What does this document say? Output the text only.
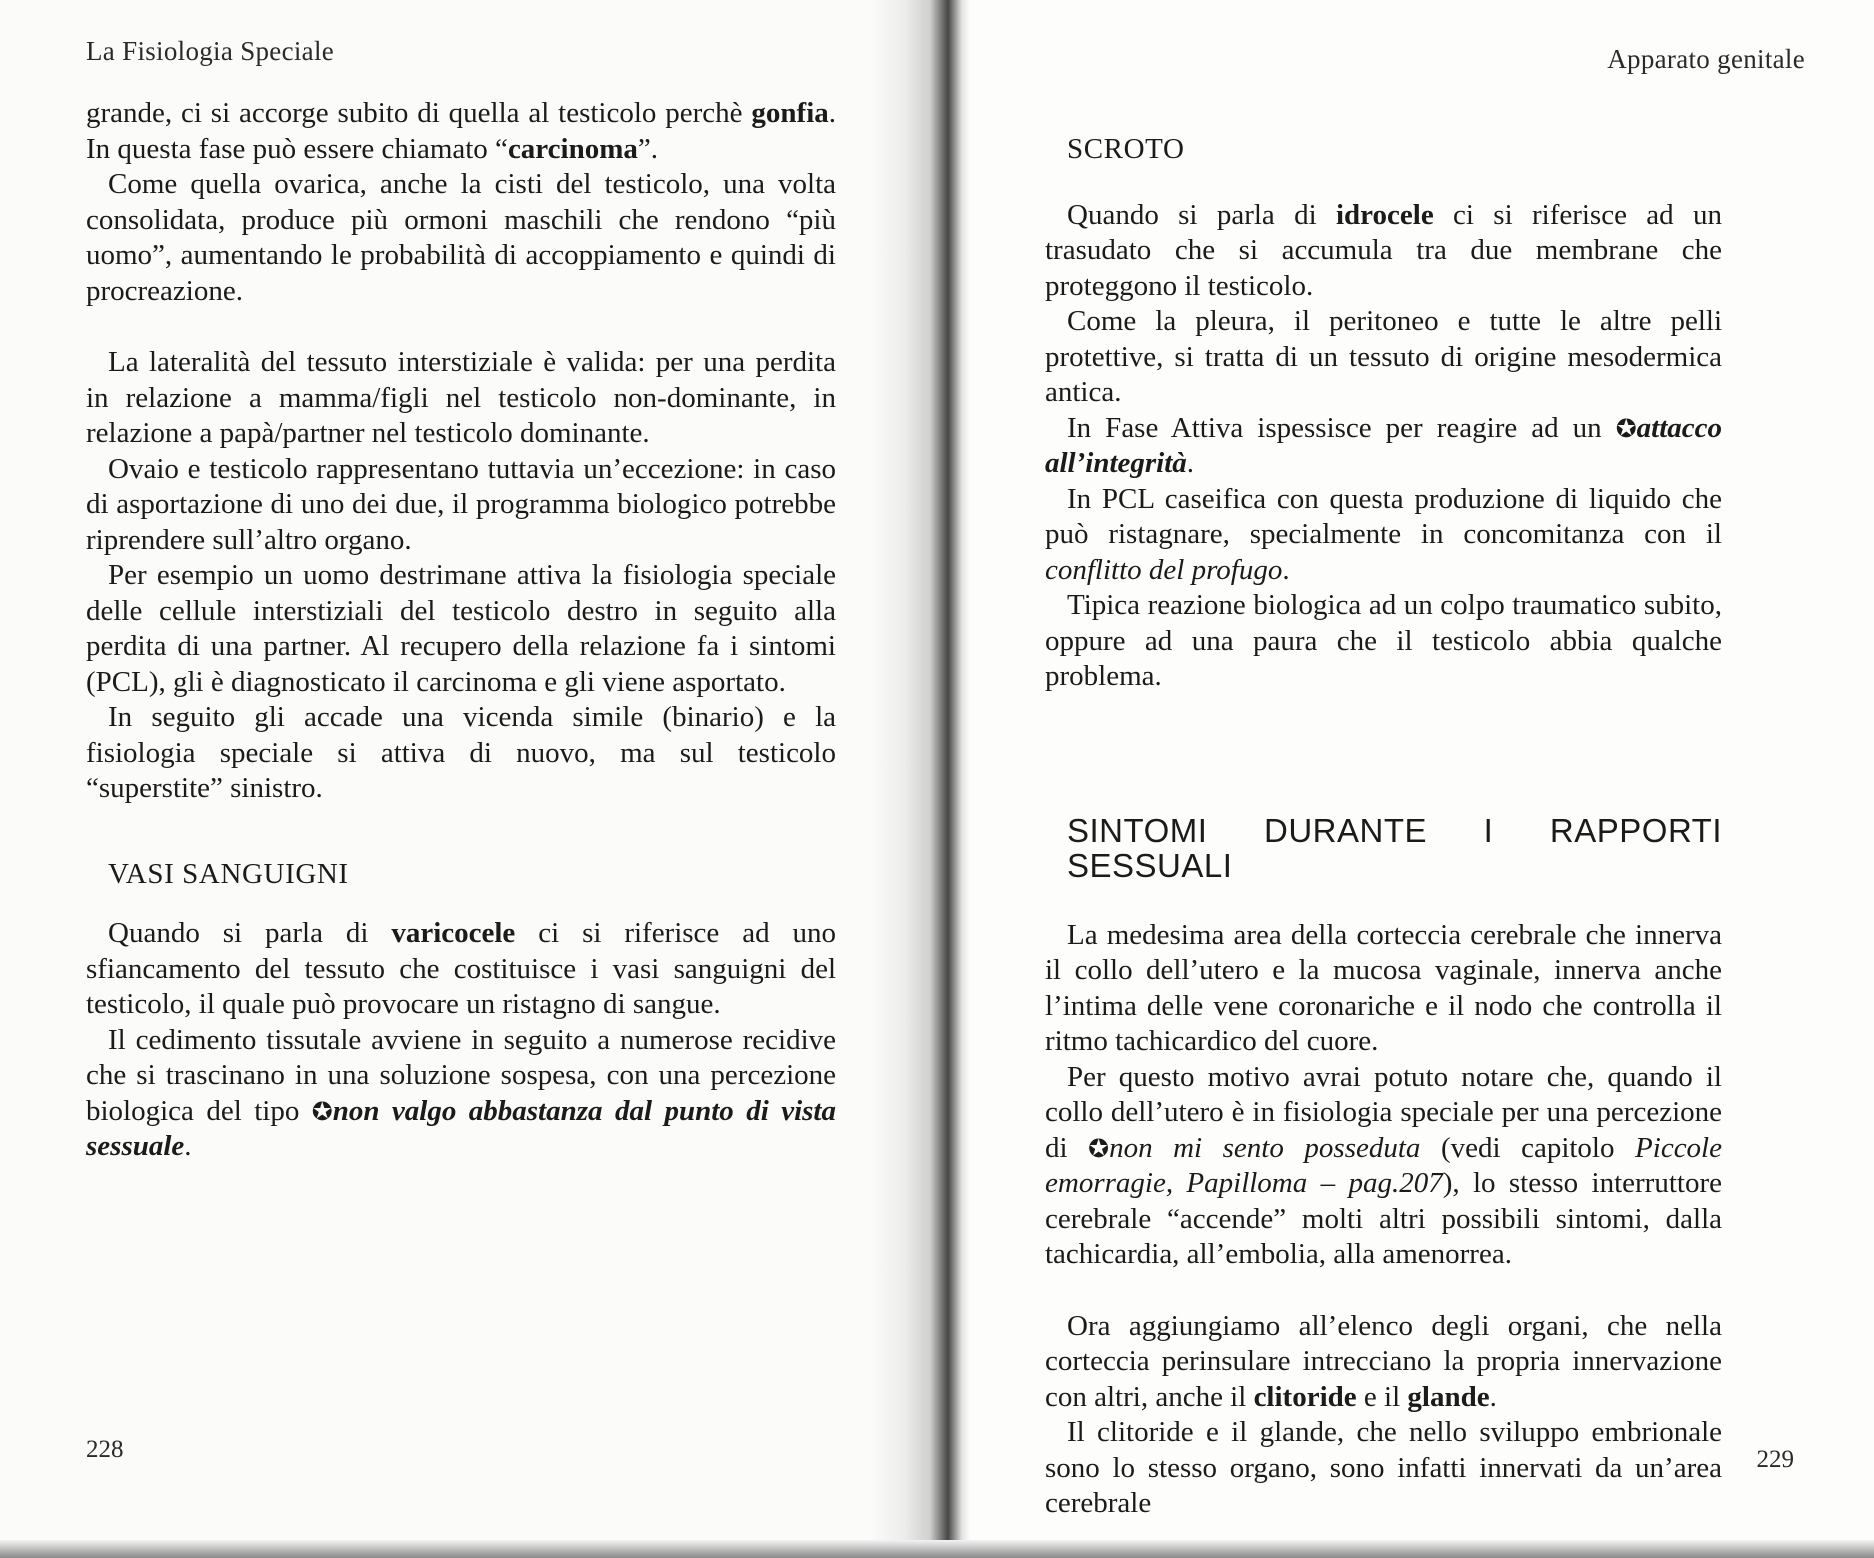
La Fisiologia Speciale

grande, ci si accorge subito di quella al testicolo perchè gonfia. In questa fase può essere chiamato “carcinoma”.

Come quella ovarica, anche la cisti del testicolo, una volta consolidata, produce più ormoni maschili che rendono “più uomo”, aumentando le probabilità di accoppiamento e quindi di procreazione.

La lateralità del tessuto interstiziale è valida: per una perdita in relazione a mamma/figli nel testicolo non-dominante, in relazione a papà/partner nel testicolo dominante.

Ovaio e testicolo rappresentano tuttavia un’eccezione: in caso di asportazione di uno dei due, il programma biologico potrebbe riprendere sull’altro organo.

Per esempio un uomo destrimane attiva la fisiologia speciale delle cellule interstiziali del testicolo destro in seguito alla perdita di una partner. Al recupero della relazione fa i sintomi (PCL), gli è diagnosticato il carcinoma e gli viene asportato.

In seguito gli accade una vicenda simile (binario) e la fisiologia speciale si attiva di nuovo, ma sul testicolo “superstite” sinistro.

VASI SANGUIGNI

Quando si parla di varicocele ci si riferisce ad uno sfiancamento del tessuto che costituisce i vasi sanguigni del testicolo, il quale può provocare un ristagno di sangue.

Il cedimento tissutale avviene in seguito a numerose recidive che si trascinano in una soluzione sospesa, con una percezione biologica del tipo ✪non valgo abbastanza dal punto di vista sessuale.

228
Apparato genitale

SCROTO

Quando si parla di idrocele ci si riferisce ad un trasudato che si accumula tra due membrane che proteggono il testicolo.

Come la pleura, il peritoneo e tutte le altre pelli protettive, si tratta di un tessuto di origine mesodermica antica.

In Fase Attiva ispessisce per reagire ad un ✪attacco all’integrità.

In PCL caseifica con questa produzione di liquido che può ristagnare, specialmente in concomitanza con il conflitto del profugo.

Tipica reazione biologica ad un colpo traumatico subito, oppure ad una paura che il testicolo abbia qualche problema.

SINTOMI DURANTE I RAPPORTI SESSUALI

La medesima area della corteccia cerebrale che innerva il collo dell’utero e la mucosa vaginale, innerva anche l’intima delle vene coronariche e il nodo che controlla il ritmo tachicardico del cuore.

Per questo motivo avrai potuto notare che, quando il collo dell’utero è in fisiologia speciale per una percezione di ✪non mi sento posseduta (vedi capitolo Piccole emorragie, Papilloma – pag.207), lo stesso interruttore cerebrale “accende” molti altri possibili sintomi, dalla tachicardia, all’embolia, alla amenorrea.

Ora aggiungiamo all’elenco degli organi, che nella corteccia perinsulare intrecciano la propria innervazione con altri, anche il clitoride e il glande.

Il clitoride e il glande, che nello sviluppo embrionale sono lo stesso organo, sono infatti innervati da un’area cerebrale

229
